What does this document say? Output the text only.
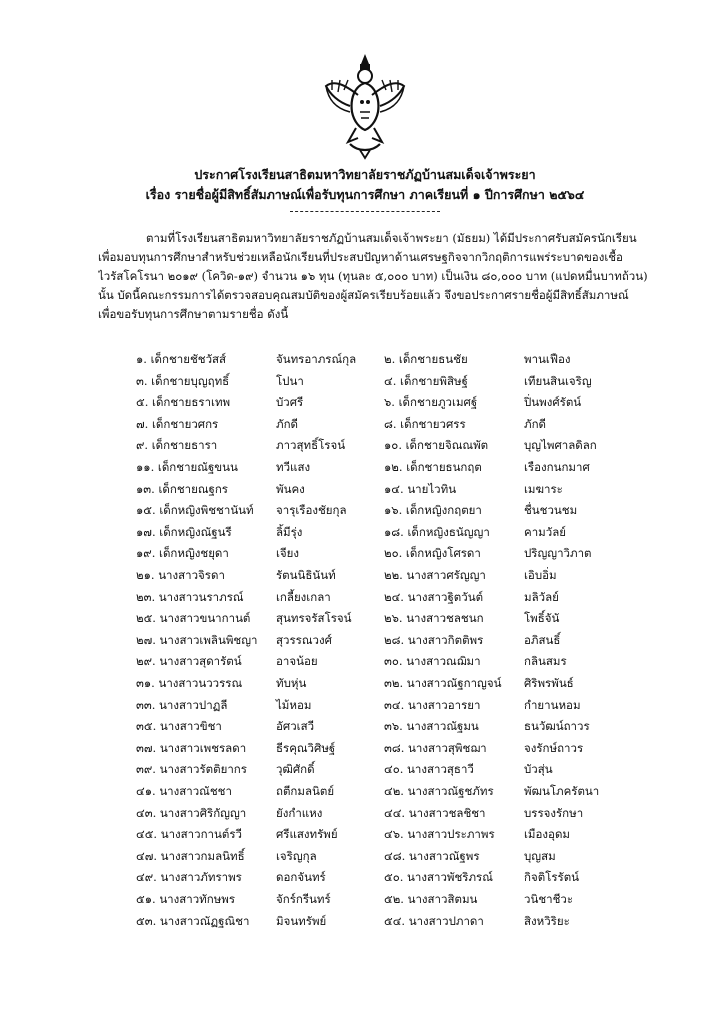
ประกาศโรงเรียนสาธิตมหาวิทยาลัยราชภัฏบ้านสมเด็จเจ้าพระยา
เรื่อง รายชื่อผู้มีสิทธิ์สัมภาษณ์เพื่อรับทุนการศึกษา ภาคเรียนที่ ๑ ปีการศึกษา ๒๕๖๔
ตามที่โรงเรียนสาธิตมหาวิทยาลัยราชภัฏบ้านสมเด็จเจ้าพระยา (มัธยม) ได้มีประกาศรับสมัครนักเรียน
เพื่อมอบทุนการศึกษาสำหรับช่วยเหลือนักเรียนที่ประสบปัญหาด้านเศรษฐกิจจากวิกฤติการแพร่ระบาดของเชื้อ
ไวรัสโคโรนา ๒๐๑๙ (โควิด-๑๙) จำนวน ๑๖ ทุน (ทุนละ ๕,๐๐๐ บาท) เป็นเงิน ๘๐,๐๐๐ บาท (แปดหมื่นบาทถ้วน)
นั้น บัดนี้คณะกรรมการได้ตรวจสอบคุณสมบัติของผู้สมัครเรียบร้อยแล้ว จึงขอประกาศรายชื่อผู้มีสิทธิ์สัมภาษณ์
เพื่อขอรับทุนการศึกษาตามรายชื่อ ดังนี้
๑. เด็กชายชัชวัสส์	จันทรอาภรณ์กุล ๒. เด็กชายธนชัย	พานเฟือง
๓. เด็กชายบุญฤทธิ์	โปนา	๔. เด็กชายพิสิษฐ์	เทียนสินเจริญ
๕. เด็กชายธราเทพ	บัวศรี	๖. เด็กชายภูวเมศฐ์	ปิ่นพงศ์รัตน์
๗. เด็กชายวศกร	ภักดี	๘. เด็กชายวศรร	ภักดี
๙. เด็กชายธารา	ภาวสุทธิ์โรจน์	๑๐. เด็กชายจิณณพัต	บุญไพศาลดิลก
๑๑. เด็กชายณัฐขนน	ทวีแสง	๑๒. เด็กชายธนกฤต	เรืองกนกมาศ
๑๓. เด็กชายณฐกร	พันคง	๑๔. นายไวทิน	เมฆาระ
๑๕. เด็กหญิงพิชชานันท์ จารุเรืองชัยกุล	๑๖. เด็กหญิงกฤตยา	ชื่นชวนชม
๑๗. เด็กหญิงณัฐนรี	ลิ้มีรุ่ง	๑๘. เด็กหญิงธนัญญา	คามวัลย์
๑๙. เด็กหญิงชยุดา	เจียง	๒๐. เด็กหญิงโศรดา	ปริญญาวิภาต
๒๑. นางสาวจิรดา	รัตนนิธินันท์	๒๒. นางสาวศรัญญา	เอิบอิ่ม
๒๓. นางสาวนราภรณ์	เกลี้ยงเกลา	๒๔. นางสาวฐิตวันต์	มลิวัลย์
๒๕. นางสาวขนากานต์ สุนทรจรัสโรจน์	๒๖. นางสาวชลชนก	โพธิ์จันั
๒๗. นางสาวเพลินพิชญา สุวรรณวงศ์	๒๘. นางสาวกิตติพร	อภิสนธิ์
๒๙. นางสาวสุดารัตน์	อาจน้อย	๓๐. นางสาวณฌิมา	กลินสมร
๓๑. นางสาวนววรรณ	ทับหุ่น	๓๒. นางสาวณัฐกาญจน์ ศิริพรพันธ์
๓๓. นางสาวปาฏลี	ไม้หอม	๓๔. นางสาวอารยา	กำยานหอม
๓๕. นางสาวขิชา	อัศวเสวี	๓๖. นางสาวณัฐมน	ธนวัฒน์ถาวร
๓๗. นางสาวเพชรลดา	ธีรคุณวิศิษฐ์	๓๘. นางสาวสุพิชฌา	จงรักษ์ถาวร
๓๙. นางสาวรัตติยากร	วุฒิศักดิ์	๔๐. นางสาวสุธาวี	บัวสุ่น
๔๑. นางสาวณัชชา	ถตีกมลนิตย์	๔๒. นางสาวณัฐชภัทร	พัฒนโภครัตนา
๔๓. นางสาวศิริกัญญา	ยังกำแหง	๔๔. นางสาวชลชิชา	บรรจงรักษา
๔๕. นางสาวกานต์รวี	ศรีแสงทรัพย์	๔๖. นางสาวประภาพร	เมืองอุดม
๔๗. นางสาวกมลนิทธิ์	เจริญกุล	๔๘. นางสาวณัฐพร	บุญสม
๔๙. นางสาวภัทราพร	ดอกจันทร์	๕๐. นางสาวพัชริภรณ์	กิจติโรรัตน์
๕๑. นางสาวทักษพร	จักร์กรีนทร์	๕๒. นางสาวสิตมน	วนิชาชีวะ
๕๓. นางสาวณัฏฐณิชา มิจนทรัพย์	๕๔. นางสาวปภาดา	สิงหวิริยะ
